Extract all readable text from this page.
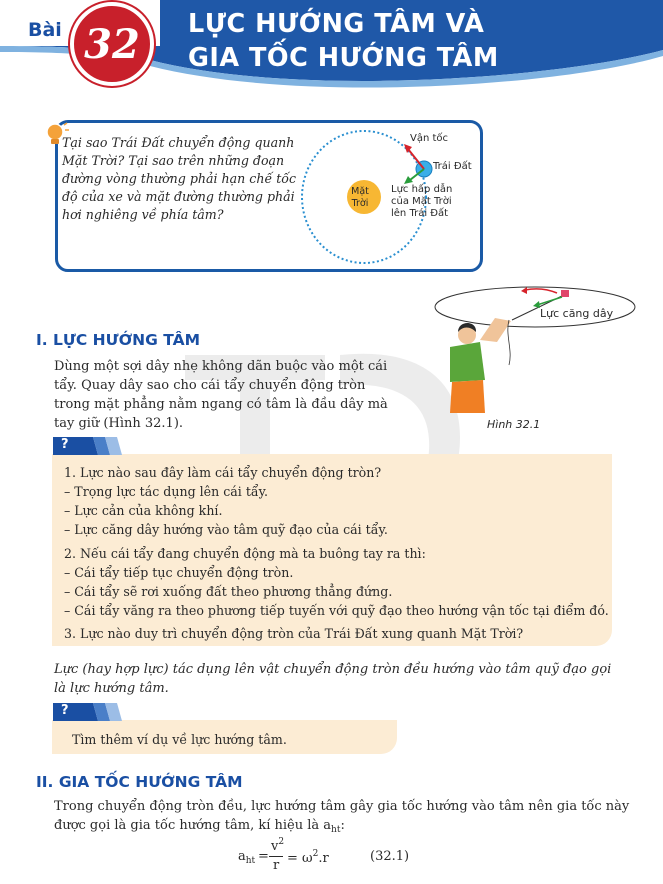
Bài 32 LỰC HƯỚNG TÂM VÀ
GIA TỐC HƯỚNG TÂM
Tại sao Trái Đất chuyển động quanh Mặt Trời? Tại sao trên những đoạn đường vòng thường phải hạn chế tốc độ của xe và mặt đường thường phải hơi nghiêng về phía tâm?
Vận tốc
Trái Đất
Mặt
Trời
Lực hấp dẫn
của Mặt Trời
lên Trái Đất
I. LỰC HƯỚNG TÂM
Dùng một sợi dây nhẹ không dãn buộc vào một cái tẩy. Quay dây sao cho cái tẩy chuyển động tròn trong mặt phẳng nằm ngang có tâm là đầu dây mà tay giữ (Hình 32.1).
Lực căng dây
Hình 32.1
?
1. Lực nào sau đây làm cái tẩy chuyển động tròn?
– Trọng lực tác dụng lên cái tẩy.
– Lực cản của không khí.
– Lực căng dây hướng vào tâm quỹ đạo của cái tẩy.
2. Nếu cái tẩy đang chuyển động mà ta buông tay ra thì:
– Cái tẩy tiếp tục chuyển động tròn.
– Cái tẩy sẽ rơi xuống đất theo phương thẳng đứng.
– Cái tẩy văng ra theo phương tiếp tuyến với quỹ đạo theo hướng vận tốc tại điểm đó.
3. Lực nào duy trì chuyển động tròn của Trái Đất xung quanh Mặt Trời?
Lực (hay hợp lực) tác dụng lên vật chuyển động tròn đều hướng vào tâm quỹ đạo gọi là lực hướng tâm.
?
Tìm thêm ví dụ về lực hướng tâm.
II. GIA TỐC HƯỚNG TÂM
Trong chuyển động tròn đều, lực hướng tâm gây gia tốc hướng vào tâm nên gia tốc này
được gọi là gia tốc hướng tâm, kí hiệu là $a_{ht}$:
$a_{ht}$ =
$v^2$
$r = \omega^2.r$	(32.1)
